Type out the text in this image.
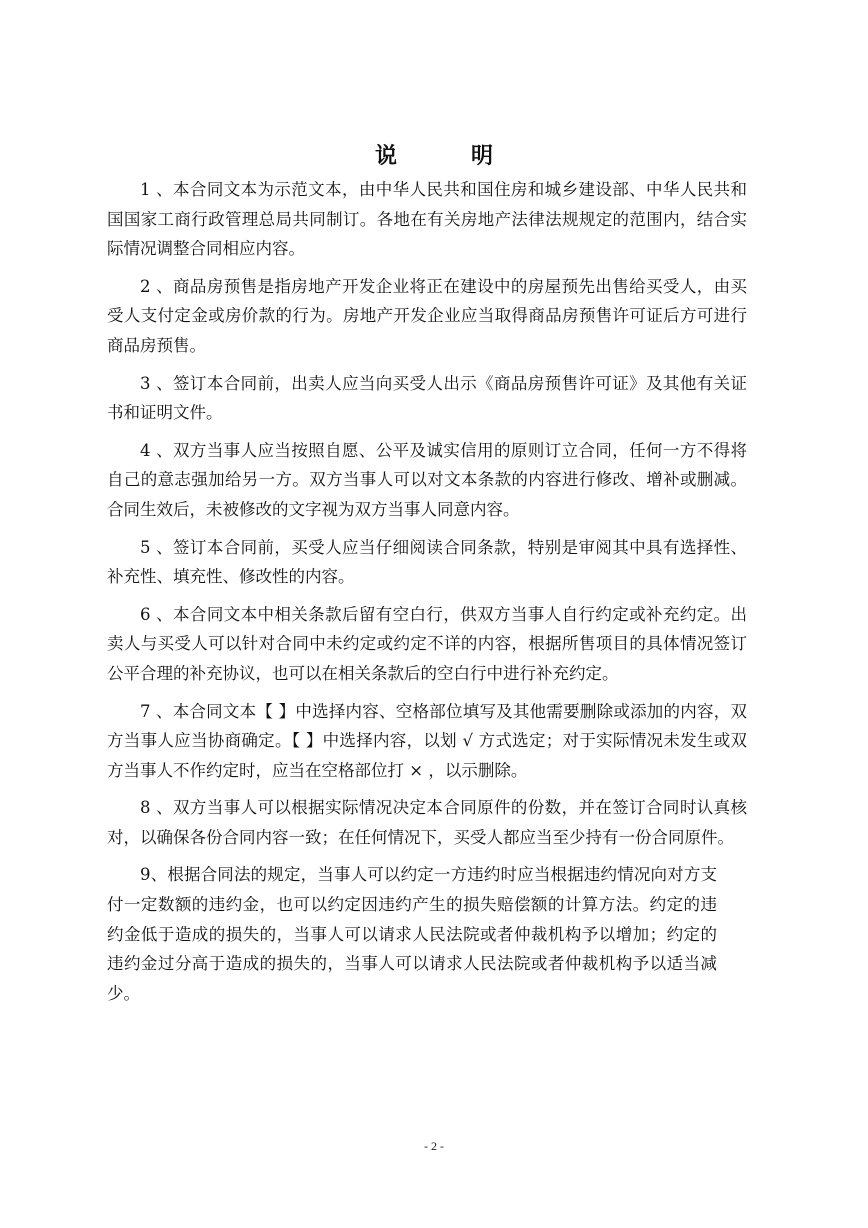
说　明

1 、本合同文本为示范文本，由中华人民共和国住房和城乡建设部、中华人民共和国国家工商行政管理总局共同制订。各地在有关房地产法律法规规定的范围内，结合实际情况调整合同相应内容。

2 、商品房预售是指房地产开发企业将正在建设中的房屋预先出售给买受人，由买受人支付定金或房价款的行为。房地产开发企业应当取得商品房预售许可证后方可进行商品房预售。

3 、签订本合同前，出卖人应当向买受人出示《商品房预售许可证》及其他有关证书和证明文件。

4 、双方当事人应当按照自愿、公平及诚实信用的原则订立合同，任何一方不得将自己的意志强加给另一方。双方当事人可以对文本条款的内容进行修改、增补或删减。合同生效后，未被修改的文字视为双方当事人同意内容。

5 、签订本合同前，买受人应当仔细阅读合同条款，特别是审阅其中具有选择性、补充性、填充性、修改性的内容。

6 、本合同文本中相关条款后留有空白行，供双方当事人自行约定或补充约定。出卖人与买受人可以针对合同中未约定或约定不详的内容，根据所售项目的具体情况签订公平合理的补充协议，也可以在相关条款后的空白行中进行补充约定。

7 、本合同文本【 】中选择内容、空格部位填写及其他需要删除或添加的内容，双方当事人应当协商确定。【 】中选择内容，以划 √ 方式选定；对于实际情况未发生或双方当事人不作约定时，应当在空格部位打 × ，以示删除。

8 、双方当事人可以根据实际情况决定本合同原件的份数，并在签订合同时认真核对，以确保各份合同内容一致；在任何情况下，买受人都应当至少持有一份合同原件。

9、根据合同法的规定，当事人可以约定一方违约时应当根据违约情况向对方支付一定数额的违约金，也可以约定因违约产生的损失赔偿额的计算方法。约定的违约金低于造成的损失的，当事人可以请求人民法院或者仲裁机构予以增加；约定的违约金过分高于造成的损失的，当事人可以请求人民法院或者仲裁机构予以适当减少。

- 2 -
